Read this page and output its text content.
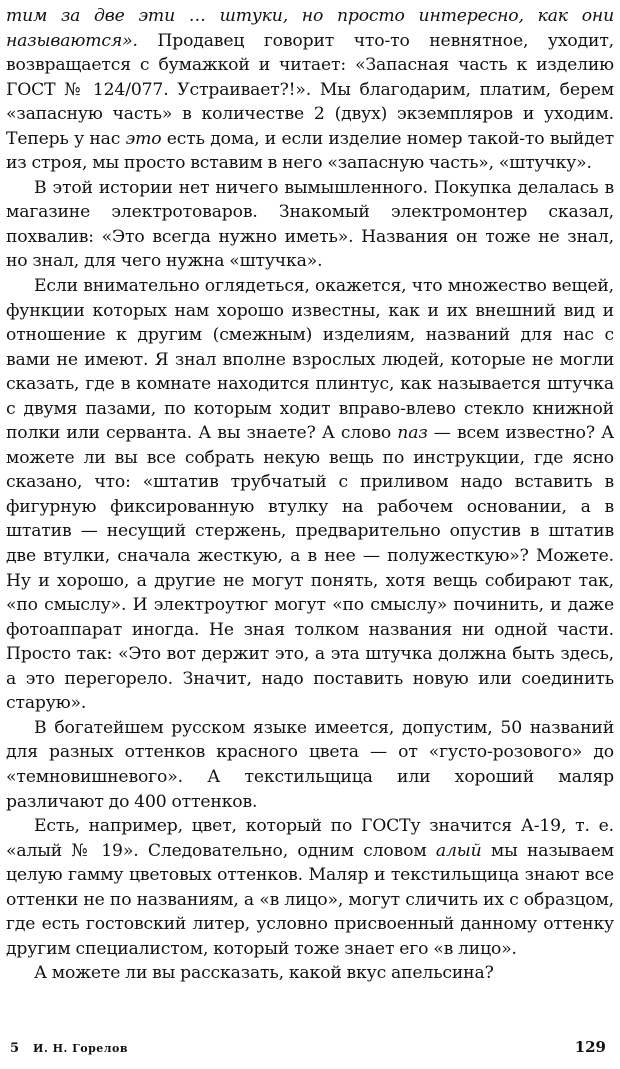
тим за две эти … штуки, но просто интересно, как они называются». Продавец говорит что-то невнятное, уходит, возвращается с бумажкой и читает: «Запасная часть к изделию ГОСТ № 124/077. Устраивает?!». Мы благодарим, платим, берем «запасную часть» в количестве 2 (двух) экземпляров и уходим. Теперь у нас это есть дома, и если изделие номер такой-то выйдет из строя, мы просто вставим в него «запасную часть», «штучку».

В этой истории нет ничего вымышленного. Покупка делалась в магазине электротоваров. Знакомый электромонтер сказал, похвалив: «Это всегда нужно иметь». Названия он тоже не знал, но знал, для чего нужна «штучка».

Если внимательно оглядеться, окажется, что множество вещей, функции которых нам хорошо известны, как и их внешний вид и отношение к другим (смежным) изделиям, названий для нас с вами не имеют. Я знал вполне взрослых людей, которые не могли сказать, где в комнате находится плинтус, как называется штучка с двумя пазами, по которым ходит вправо-влево стекло книжной полки или серванта. А вы знаете? А слово паз — всем известно? А можете ли вы все собрать некую вещь по инструкции, где ясно сказано, что: «штатив трубчатый с приливом надо вставить в фигурную фиксированную втулку на рабочем основании, а в штатив — несущий стержень, предварительно опустив в штатив две втулки, сначала жесткую, а в нее — полужесткую»? Можете. Ну и хорошо, а другие не могут понять, хотя вещь собирают так, «по смыслу». И электроутюг могут «по смыслу» починить, и даже фотоаппарат иногда. Не зная толком названия ни одной части. Просто так: «Это вот держит это, а эта штучка должна быть здесь, а это перегорело. Значит, надо поставить новую или соединить старую».

В богатейшем русском языке имеется, допустим, 50 названий для разных оттенков красного цвета — от «густо-розового» до «темновишневого». А текстильщица или хороший маляр различают до 400 оттенков.

Есть, например, цвет, который по ГОСТу значится А-19, т. е. «алый № 19». Следовательно, одним словом алый мы называем целую гамму цветовых оттенков. Маляр и текстильщица знают все оттенки не по названиям, а «в лицо», могут сличить их с образцом, где есть гостовский литер, условно присвоенный данному оттенку другим специалистом, который тоже знает его «в лицо».

А можете ли вы рассказать, какой вкус апельсина?

5 И. Н. Горелов	129
